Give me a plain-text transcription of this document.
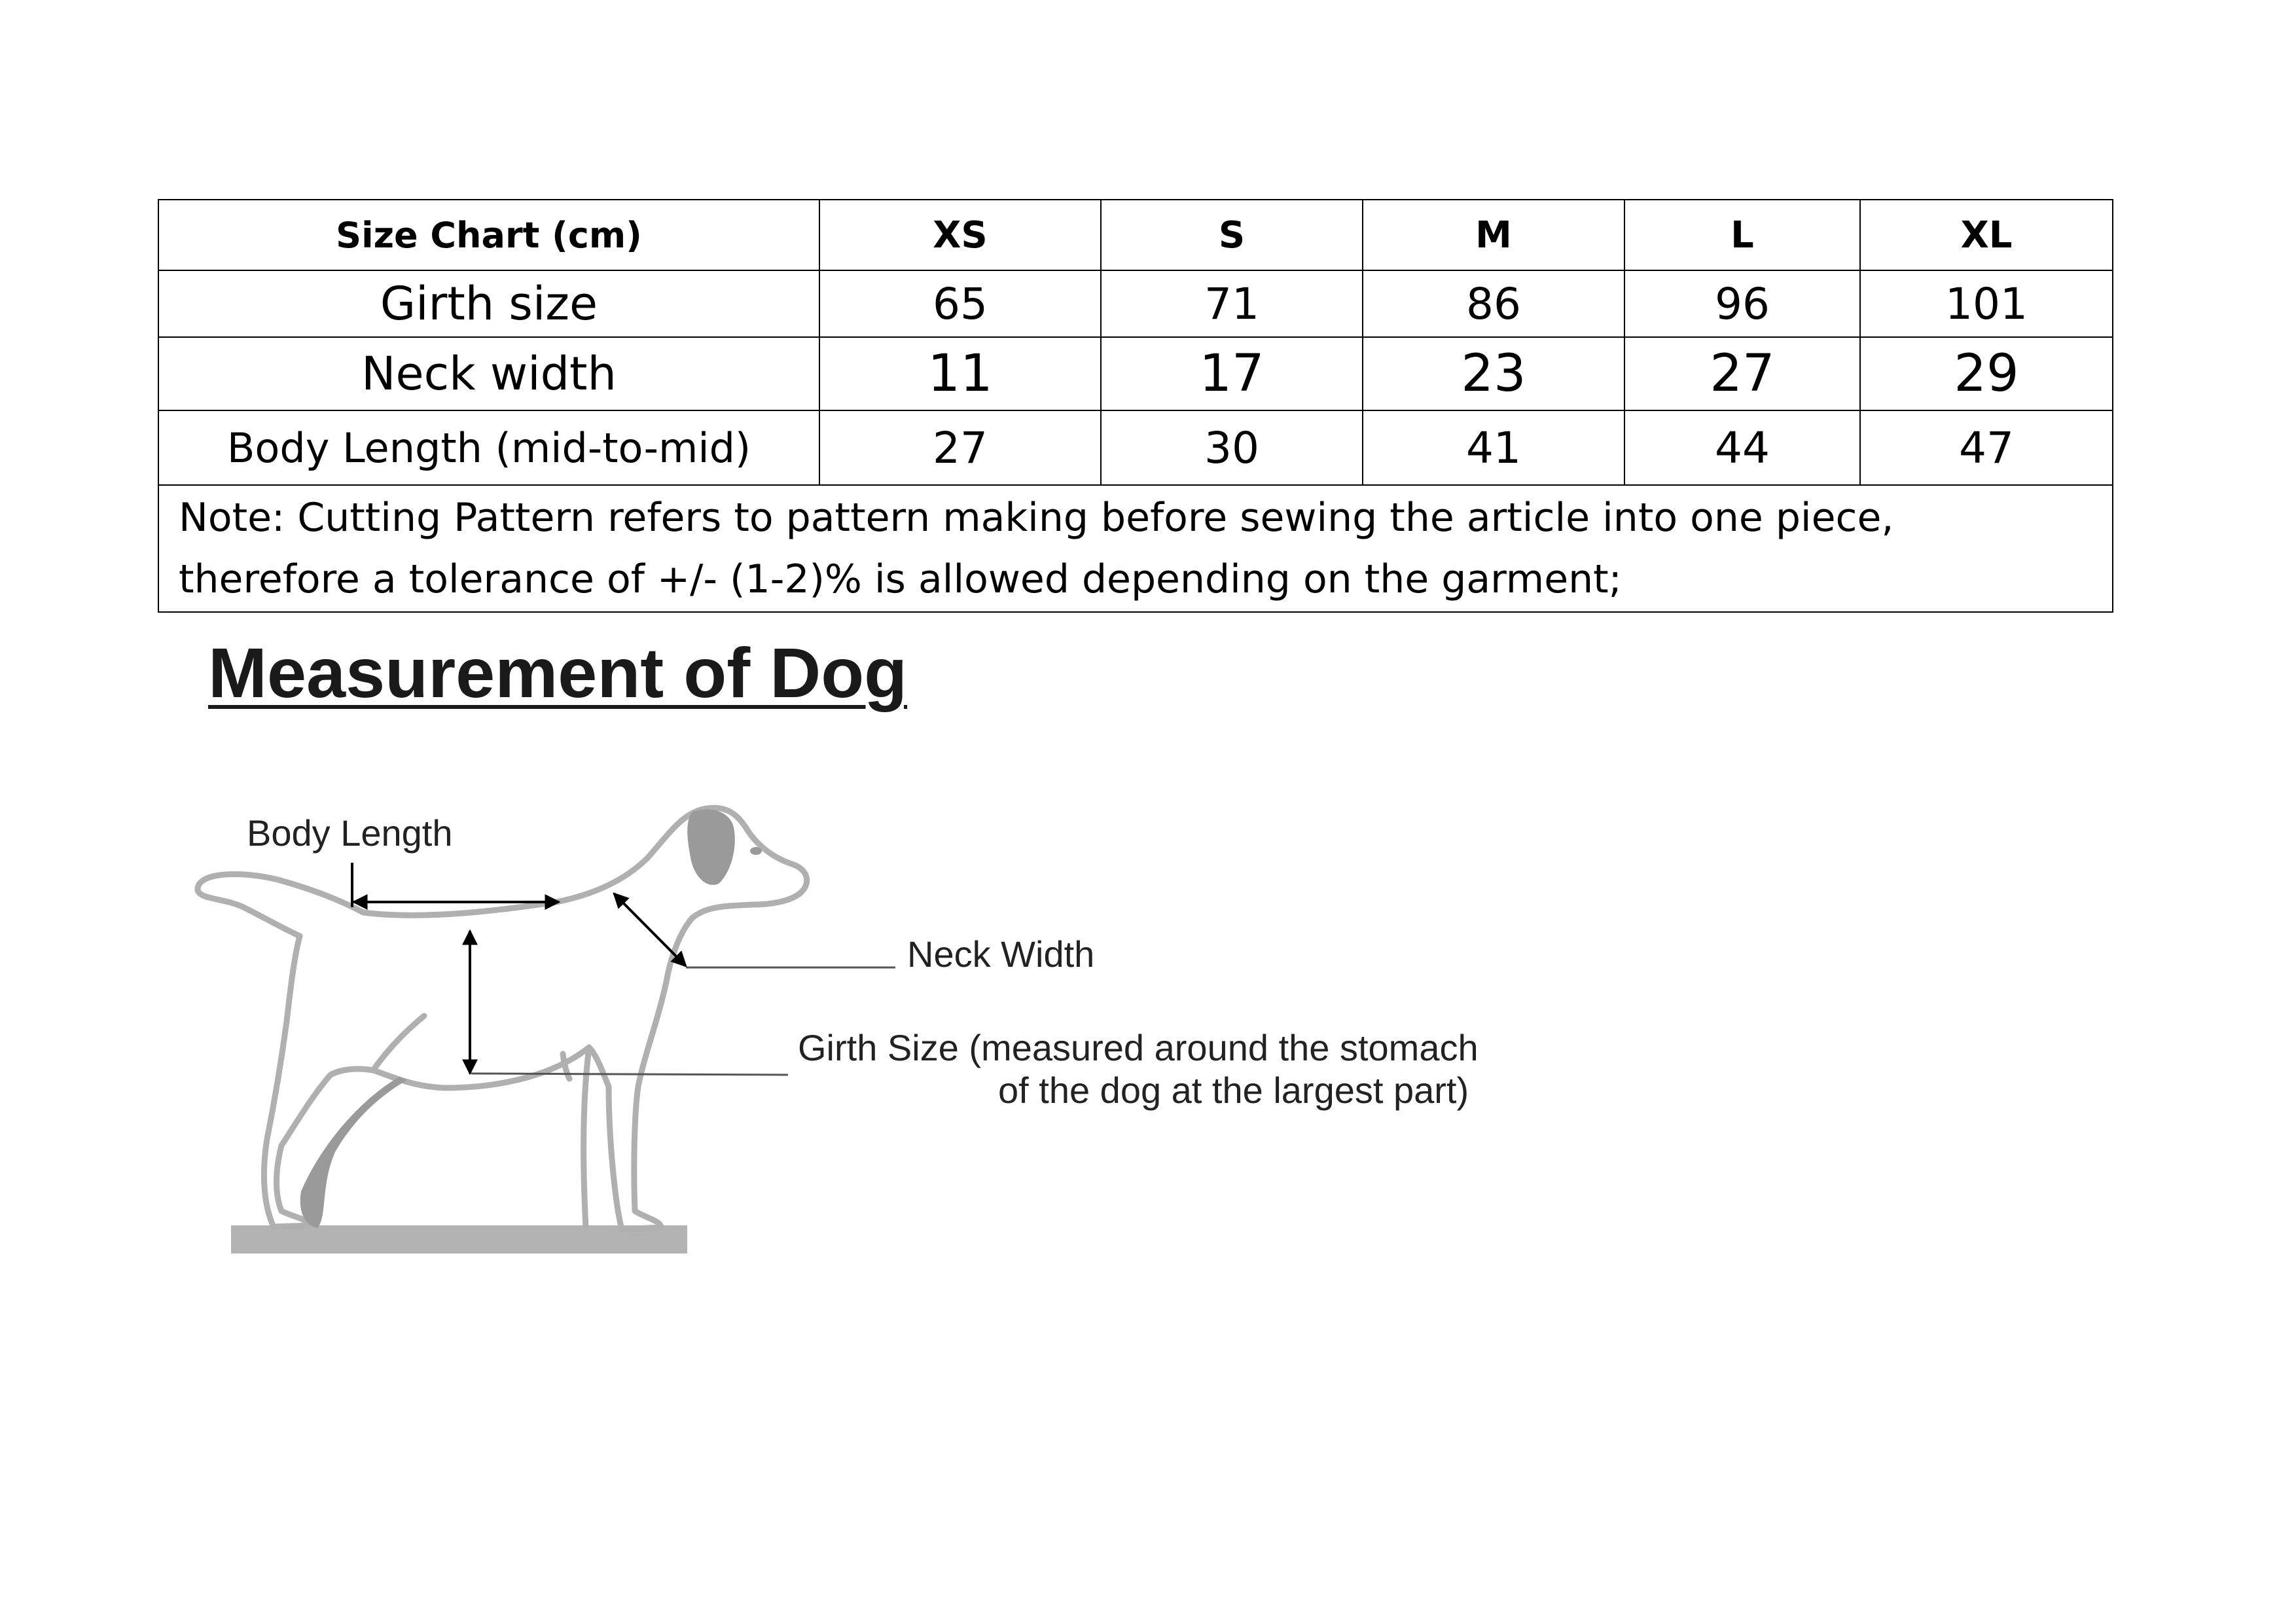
Size Chart (cm)	XS	S	M	L	XL
Girth size	65	71	86	96	101
Neck width	11	17	23	27	29
Body Length (mid-to-mid)	27	30	41	44	47

Note: Cutting Pattern refers to pattern making before sewing the article into one piece,
therefore a tolerance of +/- (1-2)% is allowed depending on the garment;					
Measurement of Dog
Body Length
Neck Width
Girth Size (measured around the stomach
of the dog at the largest part)
